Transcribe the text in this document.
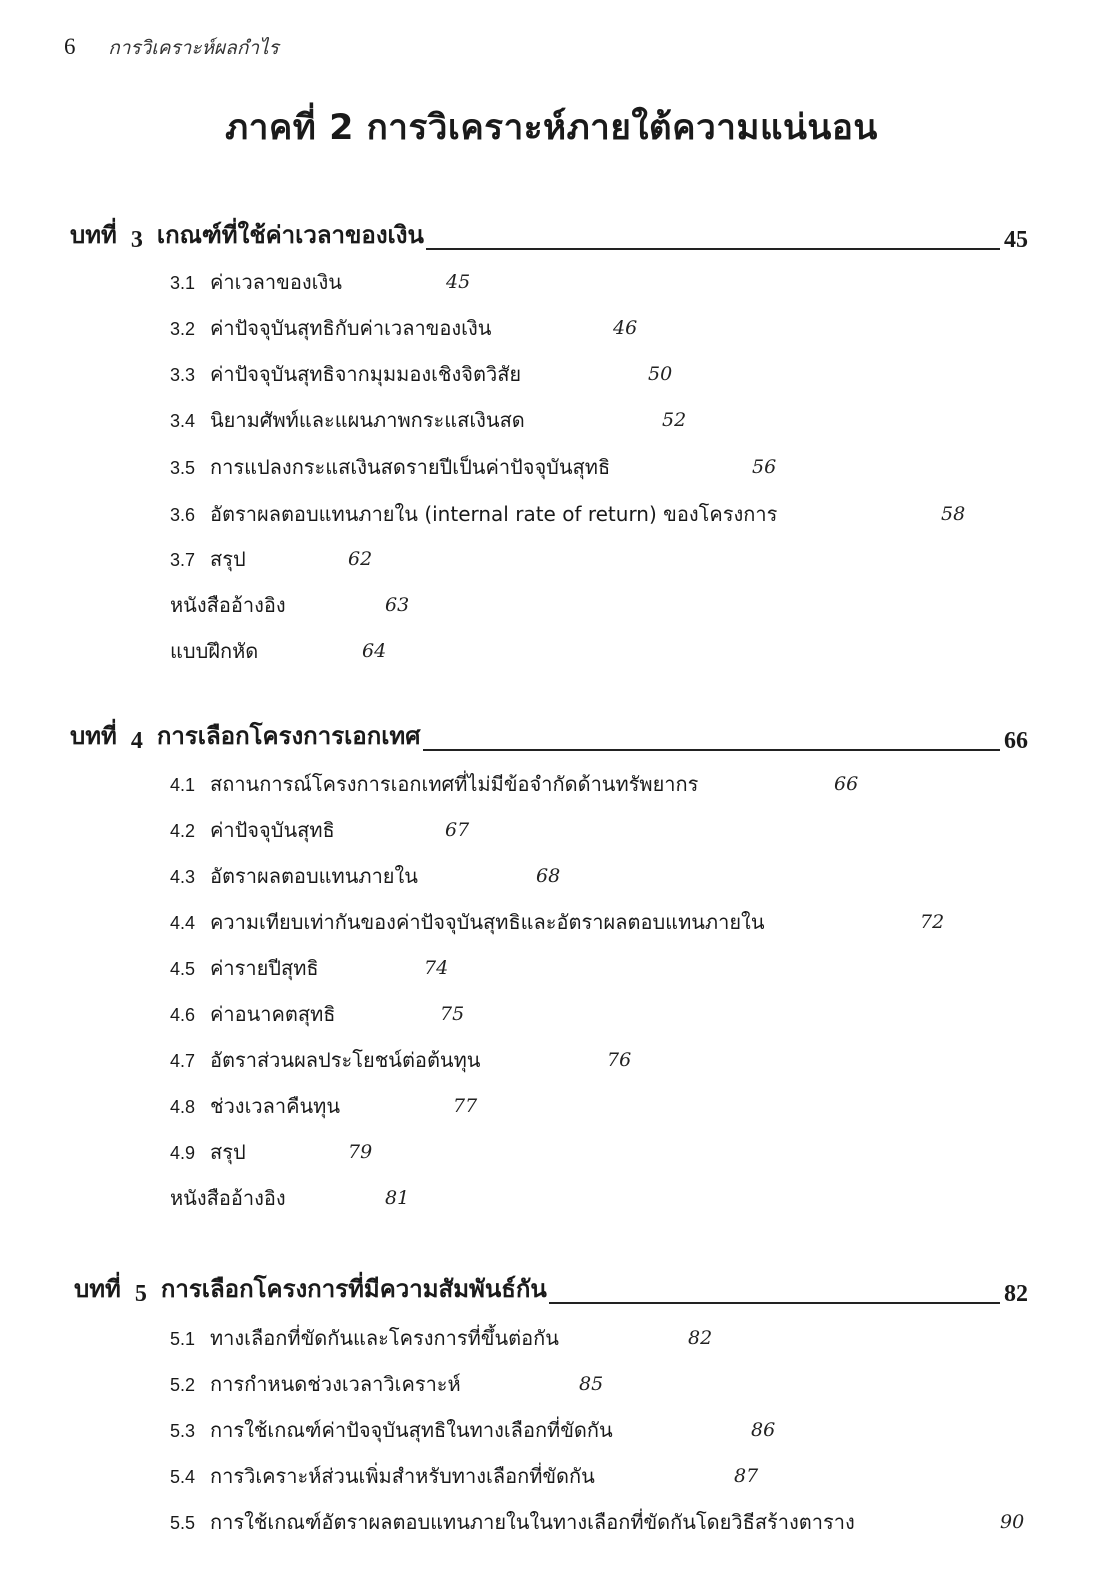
6 การวิเคราะห์ผลกำไร
ภาคที่ 2 การวิเคราะห์ภายใต้ความแน่นอน
บทที่ 3 เกณฑ์ที่ใช้ค่าเวลาของเงิน	45
3.1 ค่าเวลาของเงิน	45
3.2 ค่าปัจจุบันสุทธิกับค่าเวลาของเงิน	46
3.3 ค่าปัจจุบันสุทธิจากมุมมองเชิงจิตวิสัย	50
3.4 นิยามศัพท์และแผนภาพกระแสเงินสด	52
3.5 การแปลงกระแสเงินสดรายปีเป็นค่าปัจจุบันสุทธิ	56
3.6 อัตราผลตอบแทนภายใน (internal rate of return) ของโครงการ	58
3.7 สรุป	62
หนังสืออ้างอิง	63
แบบฝึกหัด	64
บทที่ 4 การเลือกโครงการเอกเทศ	66
4.1 สถานการณ์โครงการเอกเทศที่ไม่มีข้อจำกัดด้านทรัพยากร	66
4.2 ค่าปัจจุบันสุทธิ	67
4.3 อัตราผลตอบแทนภายใน	68
4.4 ความเทียบเท่ากันของค่าปัจจุบันสุทธิและอัตราผลตอบแทนภายใน	72
4.5 ค่ารายปีสุทธิ	74
4.6 ค่าอนาคตสุทธิ	75
4.7 อัตราส่วนผลประโยชน์ต่อต้นทุน	76
4.8 ช่วงเวลาคืนทุน	77
4.9 สรุป	79
หนังสืออ้างอิง	81
บทที่ 5 การเลือกโครงการที่มีความสัมพันธ์กัน	82
5.1 ทางเลือกที่ขัดกันและโครงการที่ขึ้นต่อกัน	82
5.2 การกำหนดช่วงเวลาวิเคราะห์	85
5.3 การใช้เกณฑ์ค่าปัจจุบันสุทธิในทางเลือกที่ขัดกัน	86
5.4 การวิเคราะห์ส่วนเพิ่มสำหรับทางเลือกที่ขัดกัน	87
5.5 การใช้เกณฑ์อัตราผลตอบแทนภายในในทางเลือกที่ขัดกันโดยวิธีสร้างตาราง	90
